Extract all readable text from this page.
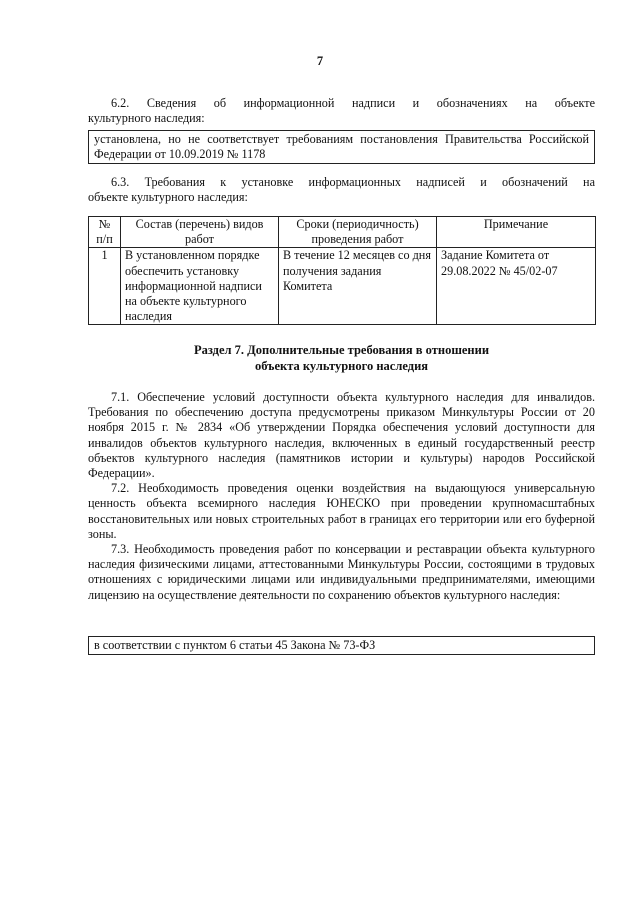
7

6.2. Сведения об информационной надписи и обозначениях на объекте

культурного наследия:

установлена, но не соответствует требованиям постановления Правительства Российской Федерации от 10.09.2019 № 1178

6.3. Требования к установке информационных надписей и обозначений на

объекте культурного наследия:

№ п/п	Состав (перечень) видов работ	Сроки (периодичность) проведения работ	Примечание
1	В установленном порядке обеспечить установку информационной надписи на объекте культурного наследия	В течение 12 месяцев со дня получения задания Комитета	Задание Комитета от 29.08.2022 № 45/02-07
Раздел 7. Дополнительные требования в отношении
объекта культурного наследия

7.1. Обеспечение условий доступности объекта культурного наследия для инвалидов. Требования по обеспечению доступа предусмотрены приказом Минкультуры России от 20 ноября 2015 г. № 2834 «Об утверждении Порядка обеспечения условий доступности для инвалидов объектов культурного наследия, включенных в единый государственный реестр объектов культурного наследия (памятников истории и культуры) народов Российской Федерации».

7.2. Необходимость проведения оценки воздействия на выдающуюся универсальную ценность объекта всемирного наследия ЮНЕСКО при проведении крупномасштабных восстановительных или новых строительных работ в границах его территории или его буферной зоны.

7.3. Необходимость проведения работ по консервации и реставрации объекта культурного наследия физическими лицами, аттестованными Минкультуры России, состоящими в трудовых отношениях с юридическими лицами или индивидуальными предпринимателями, имеющими лицензию на осуществление деятельности по сохранению объектов культурного наследия:

в соответствии с пунктом 6 статьи 45 Закона № 73-ФЗ
